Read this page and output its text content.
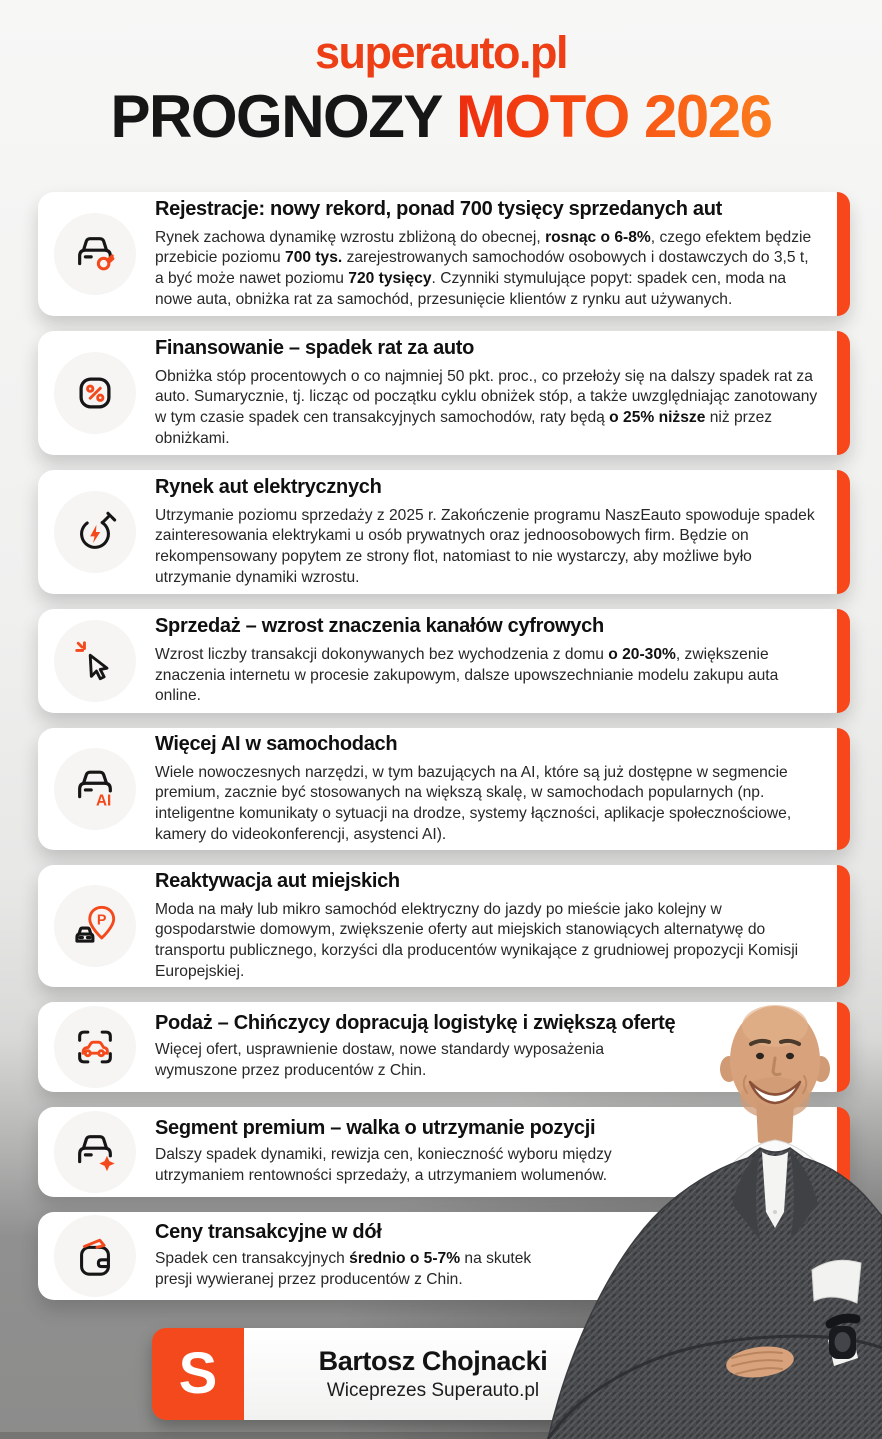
superauto.pl
PROGNOZY MOTO 2026
Rejestracje: nowy rekord, ponad 700 tysięcy sprzedanych aut

Rynek zachowa dynamikę wzrostu zbliżoną do obecnej, rosnąc o 6-8%, czego efektem będzie przebicie poziomu 700 tys. zarejestrowanych samochodów osobowych i dostawczych do 3,5 t, a być może nawet poziomu 720 tysięcy. Czynniki stymulujące popyt: spadek cen, moda na nowe auta, obniżka rat za samochód, przesunięcie klientów z rynku aut używanych.

Finansowanie – spadek rat za auto

Obniżka stóp procentowych o co najmniej 50 pkt. proc., co przełoży się na dalszy spadek rat za auto. Sumarycznie, tj. licząc od początku cyklu obniżek stóp, a także uwzględniając zanotowany w tym czasie spadek cen transakcyjnych samochodów, raty będą o 25% niższe niż przez obniżkami.

Rynek aut elektrycznych

Utrzymanie poziomu sprzedaży z 2025 r. Zakończenie programu NaszEauto spowoduje spadek zainteresowania elektrykami u osób prywatnych oraz jednoosobowych firm. Będzie on rekompensowany popytem ze strony flot, natomiast to nie wystarczy, aby możliwe było utrzymanie dynamiki wzrostu.

Sprzedaż – wzrost znaczenia kanałów cyfrowych

Wzrost liczby transakcji dokonywanych bez wychodzenia z domu o 20-30%, zwiększenie znaczenia internetu w procesie zakupowym, dalsze upowszechnianie modelu zakupu auta online.

AI
Więcej AI w samochodach

Wiele nowoczesnych narzędzi, w tym bazujących na AI, które są już dostępne w segmencie premium, zacznie być stosowanych na większą skalę, w samochodach popularnych (np. inteligentne komunikaty o sytuacji na drodze, systemy łączności, aplikacje społecznościowe, kamery do videokonferencji, asystenci AI).

P
Reaktywacja aut miejskich

Moda na mały lub mikro samochód elektryczny do jazdy po mieście jako kolejny w gospodarstwie domowym, zwiększenie oferty aut miejskich stanowiących alternatywę do transportu publicznego, korzyści dla producentów wynikające z grudniowej propozycji Komisji Europejskiej.

Podaż – Chińczycy dopracują logistykę i zwiększą ofertę

Więcej ofert, usprawnienie dostaw, nowe standardy wyposażenia wymuszone przez producentów z Chin.

Segment premium – walka o utrzymanie pozycji

Dalszy spadek dynamiki, rewizja cen, konieczność wyboru między utrzymaniem rentowności sprzedaży, a utrzymaniem wolumenów.

Ceny transakcyjne w dół

Spadek cen transakcyjnych średnio o 5-7% na skutek presji wywieranej przez producentów z Chin.

S	Bartosz Chojnacki
Wiceprezes Superauto.pl
